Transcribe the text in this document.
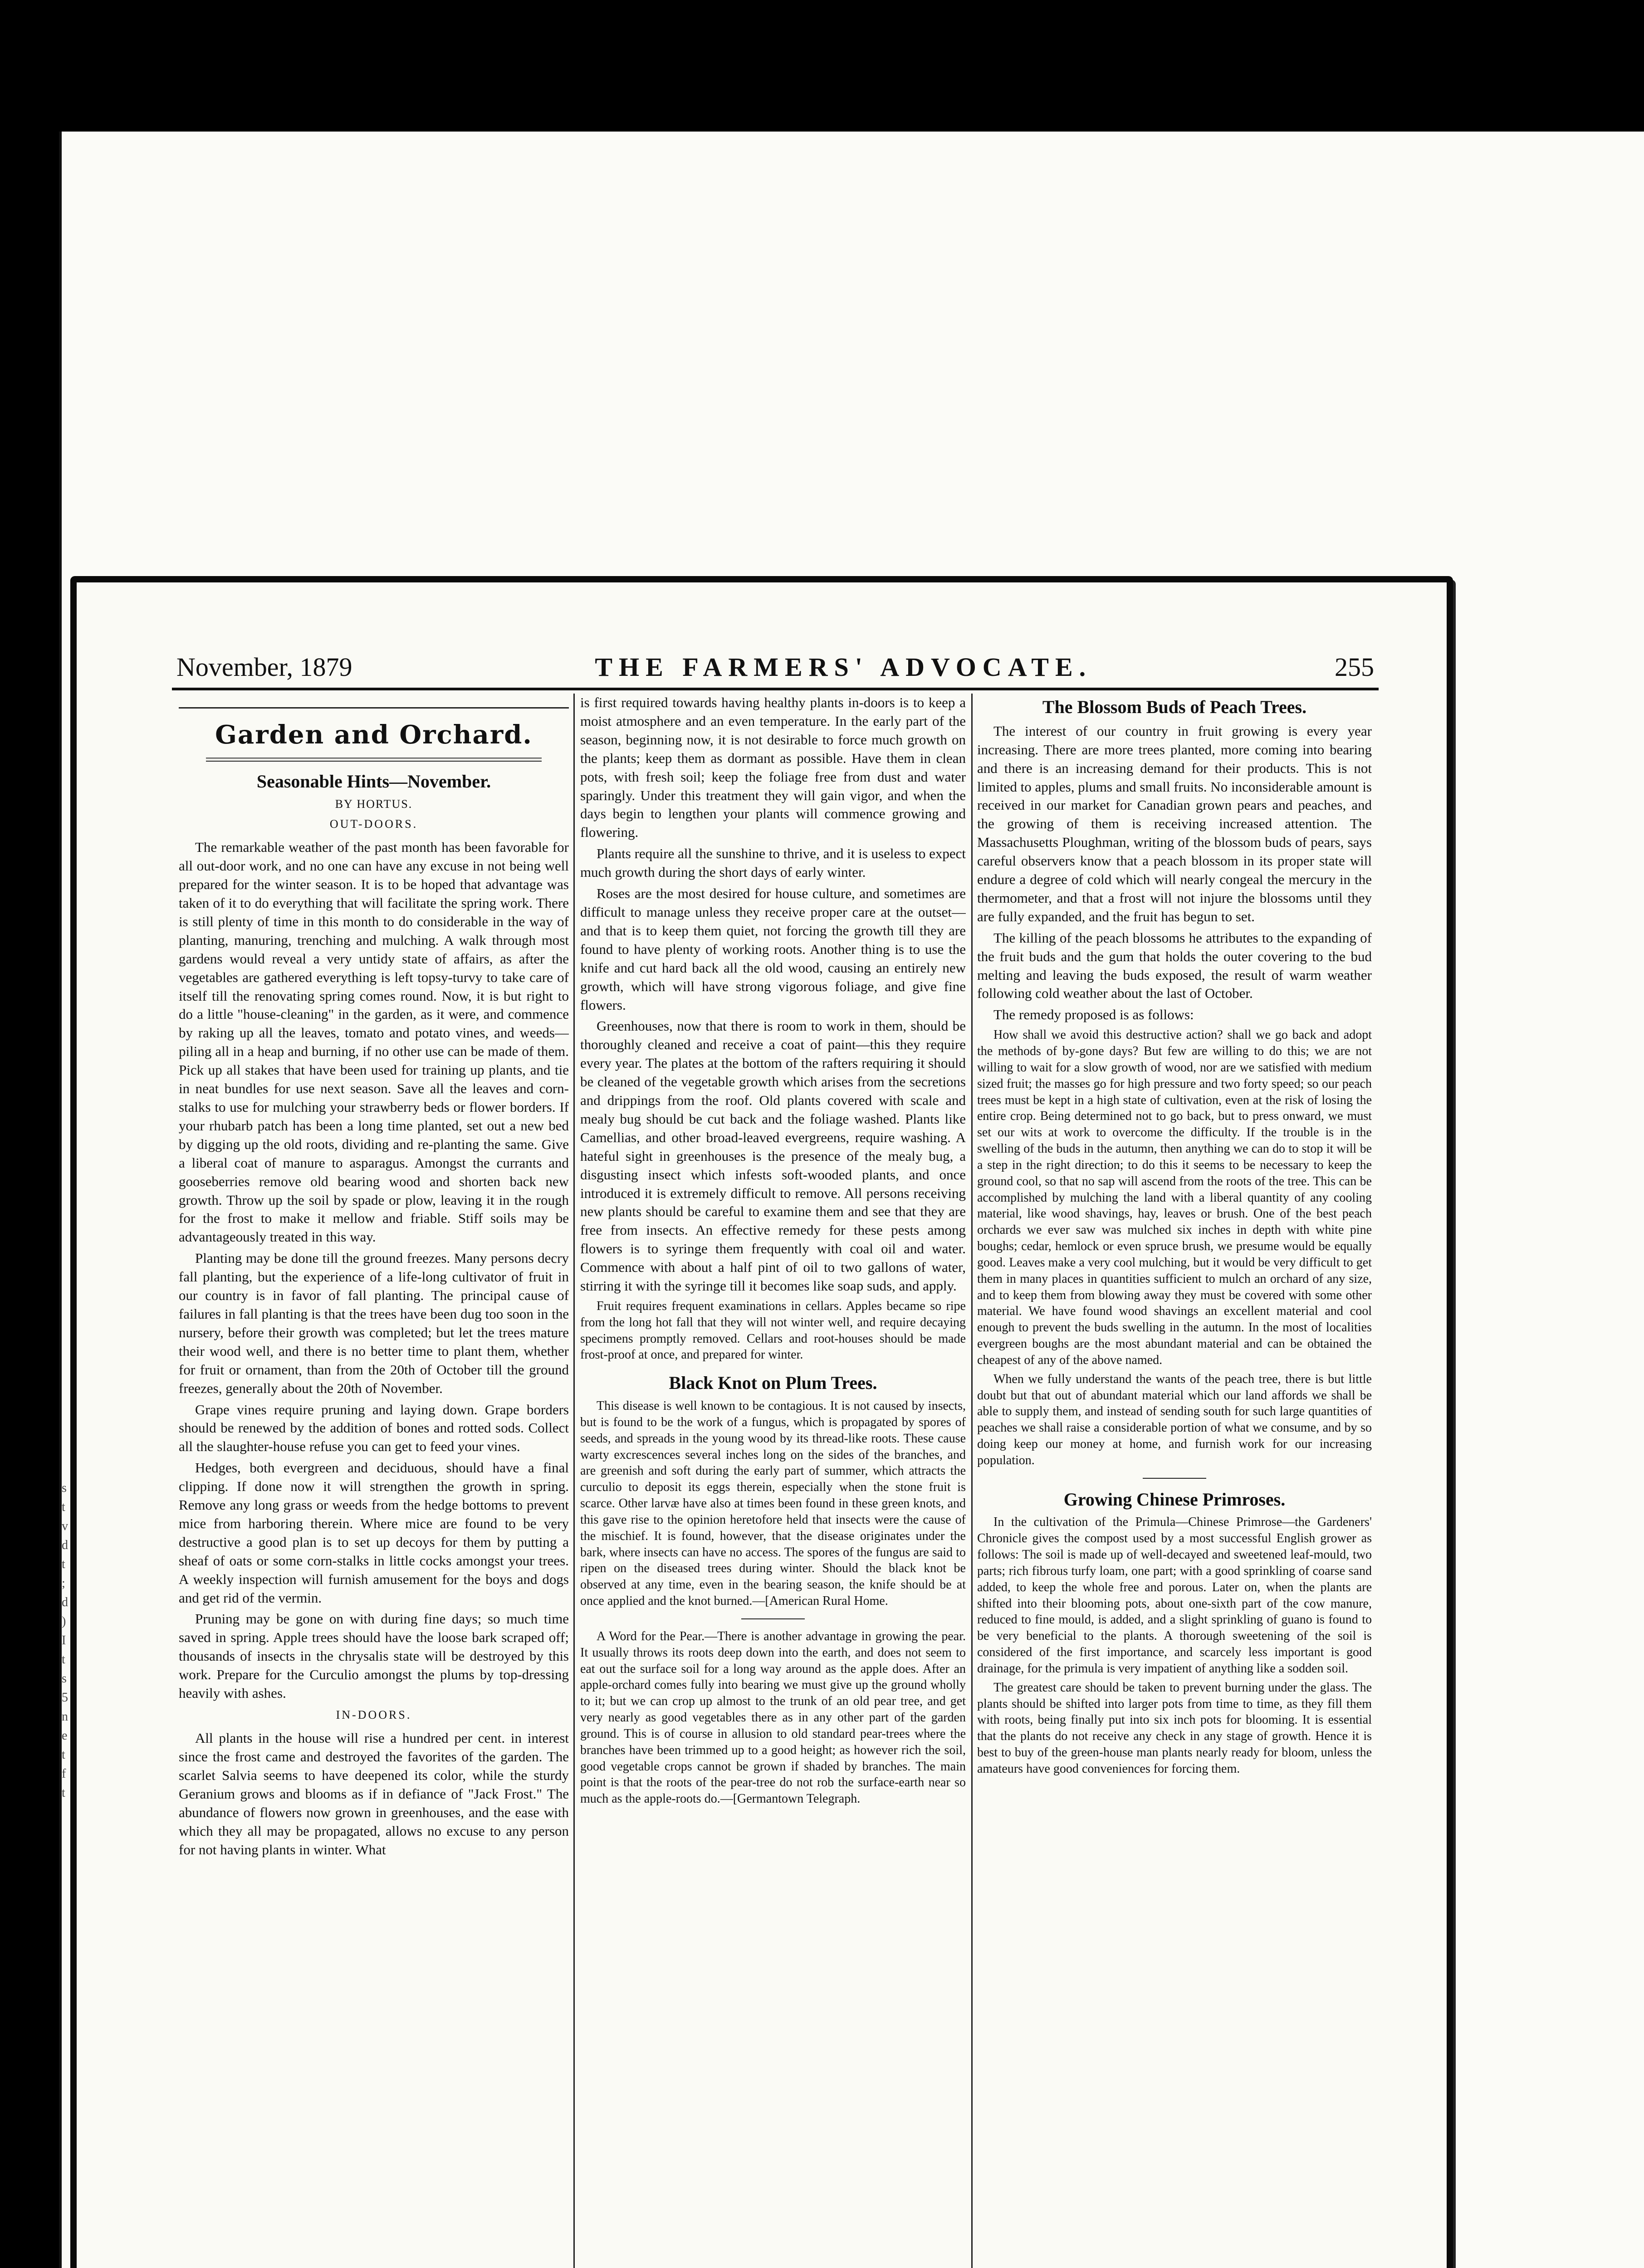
s
t
v
d
t
;
d
)
I
t
s
5
n
e
t
f
t
November, 1879	THE FARMERS' ADVOCATE.	255
Garden and Orchard.
Seasonable Hints—November.
BY HORTUS.
OUT-DOORS.

The remarkable weather of the past month has been favorable for all out-door work, and no one can have any excuse in not being well prepared for the winter season. It is to be hoped that advantage was taken of it to do everything that will facilitate the spring work. There is still plenty of time in this month to do considerable in the way of planting, manuring, trenching and mulching. A walk through most gardens would reveal a very untidy state of affairs, as after the vegetables are gathered everything is left topsy-turvy to take care of itself till the renovating spring comes round. Now, it is but right to do a little "house-cleaning" in the garden, as it were, and commence by raking up all the leaves, tomato and potato vines, and weeds—piling all in a heap and burning, if no other use can be made of them. Pick up all stakes that have been used for training up plants, and tie in neat bundles for use next season. Save all the leaves and corn-stalks to use for mulching your strawberry beds or flower borders. If your rhubarb patch has been a long time planted, set out a new bed by digging up the old roots, dividing and re-planting the same. Give a liberal coat of manure to asparagus. Amongst the currants and gooseberries remove old bearing wood and shorten back new growth. Throw up the soil by spade or plow, leaving it in the rough for the frost to make it mellow and friable. Stiff soils may be advantageously treated in this way.

Planting may be done till the ground freezes. Many persons decry fall planting, but the experience of a life-long cultivator of fruit in our country is in favor of fall planting. The principal cause of failures in fall planting is that the trees have been dug too soon in the nursery, before their growth was completed; but let the trees mature their wood well, and there is no better time to plant them, whether for fruit or ornament, than from the 20th of October till the ground freezes, generally about the 20th of November.

Grape vines require pruning and laying down. Grape borders should be renewed by the addition of bones and rotted sods. Collect all the slaughter-house refuse you can get to feed your vines.

Hedges, both evergreen and deciduous, should have a final clipping. If done now it will strengthen the growth in spring. Remove any long grass or weeds from the hedge bottoms to prevent mice from harboring therein. Where mice are found to be very destructive a good plan is to set up decoys for them by putting a sheaf of oats or some corn-stalks in little cocks amongst your trees. A weekly inspection will furnish amusement for the boys and dogs and get rid of the vermin.

Pruning may be gone on with during fine days; so much time saved in spring. Apple trees should have the loose bark scraped off; thousands of insects in the chrysalis state will be destroyed by this work. Prepare for the Curculio amongst the plums by top-dressing heavily with ashes.

IN-DOORS.

All plants in the house will rise a hundred per cent. in interest since the frost came and destroyed the favorites of the garden. The scarlet Salvia seems to have deepened its color, while the sturdy Geranium grows and blooms as if in defiance of "Jack Frost." The abundance of flowers now grown in greenhouses, and the ease with which they all may be propagated, allows no excuse to any person for not having plants in winter. What

is first required towards having healthy plants in-doors is to keep a moist atmosphere and an even temperature. In the early part of the season, beginning now, it is not desirable to force much growth on the plants; keep them as dormant as possible. Have them in clean pots, with fresh soil; keep the foliage free from dust and water sparingly. Under this treatment they will gain vigor, and when the days begin to lengthen your plants will commence growing and flowering.

Plants require all the sunshine to thrive, and it is useless to expect much growth during the short days of early winter.

Roses are the most desired for house culture, and sometimes are difficult to manage unless they receive proper care at the outset—and that is to keep them quiet, not forcing the growth till they are found to have plenty of working roots. Another thing is to use the knife and cut hard back all the old wood, causing an entirely new growth, which will have strong vigorous foliage, and give fine flowers.

Greenhouses, now that there is room to work in them, should be thoroughly cleaned and receive a coat of paint—this they require every year. The plates at the bottom of the rafters requiring it should be cleaned of the vegetable growth which arises from the secretions and drippings from the roof. Old plants covered with scale and mealy bug should be cut back and the foliage washed. Plants like Camellias, and other broad-leaved evergreens, require washing. A hateful sight in greenhouses is the presence of the mealy bug, a disgusting insect which infests soft-wooded plants, and once introduced it is extremely difficult to remove. All persons receiving new plants should be careful to examine them and see that they are free from insects. An effective remedy for these pests among flowers is to syringe them frequently with coal oil and water. Commence with about a half pint of oil to two gallons of water, stirring it with the syringe till it becomes like soap suds, and apply.

Fruit requires frequent examinations in cellars. Apples became so ripe from the long hot fall that they will not winter well, and require decaying specimens promptly removed. Cellars and root-houses should be made frost-proof at once, and prepared for winter.

Black Knot on Plum Trees.

This disease is well known to be contagious. It is not caused by insects, but is found to be the work of a fungus, which is propagated by spores of seeds, and spreads in the young wood by its thread-like roots. These cause warty excrescences several inches long on the sides of the branches, and are greenish and soft during the early part of summer, which attracts the curculio to deposit its eggs therein, especially when the stone fruit is scarce. Other larvæ have also at times been found in these green knots, and this gave rise to the opinion heretofore held that insects were the cause of the mischief. It is found, however, that the disease originates under the bark, where insects can have no access. The spores of the fungus are said to ripen on the diseased trees during winter. Should the black knot be observed at any time, even in the bearing season, the knife should be at once applied and the knot burned.—[American Rural Home.

A Word for the Pear.—There is another advantage in growing the pear. It usually throws its roots deep down into the earth, and does not seem to eat out the surface soil for a long way around as the apple does. After an apple-orchard comes fully into bearing we must give up the ground wholly to it; but we can crop up almost to the trunk of an old pear tree, and get very nearly as good vegetables there as in any other part of the garden ground. This is of course in allusion to old standard pear-trees where the branches have been trimmed up to a good height; as however rich the soil, good vegetable crops cannot be grown if shaded by branches. The main point is that the roots of the pear-tree do not rob the surface-earth near so much as the apple-roots do.—[Germantown Telegraph.

The Blossom Buds of Peach Trees.

The interest of our country in fruit growing is every year increasing. There are more trees planted, more coming into bearing and there is an increasing demand for their products. This is not limited to apples, plums and small fruits. No inconsiderable amount is received in our market for Canadian grown pears and peaches, and the growing of them is receiving increased attention. The Massachusetts Ploughman, writing of the blossom buds of pears, says careful observers know that a peach blossom in its proper state will endure a degree of cold which will nearly congeal the mercury in the thermometer, and that a frost will not injure the blossoms until they are fully expanded, and the fruit has begun to set.

The killing of the peach blossoms he attributes to the expanding of the fruit buds and the gum that holds the outer covering to the bud melting and leaving the buds exposed, the result of warm weather following cold weather about the last of October.

The remedy proposed is as follows:

How shall we avoid this destructive action? shall we go back and adopt the methods of by-gone days? But few are willing to do this; we are not willing to wait for a slow growth of wood, nor are we satisfied with medium sized fruit; the masses go for high pressure and two forty speed; so our peach trees must be kept in a high state of cultivation, even at the risk of losing the entire crop. Being determined not to go back, but to press onward, we must set our wits at work to overcome the difficulty. If the trouble is in the swelling of the buds in the autumn, then anything we can do to stop it will be a step in the right direction; to do this it seems to be necessary to keep the ground cool, so that no sap will ascend from the roots of the tree. This can be accomplished by mulching the land with a liberal quantity of any cooling material, like wood shavings, hay, leaves or brush. One of the best peach orchards we ever saw was mulched six inches in depth with white pine boughs; cedar, hemlock or even spruce brush, we presume would be equally good. Leaves make a very cool mulching, but it would be very difficult to get them in many places in quantities sufficient to mulch an orchard of any size, and to keep them from blowing away they must be covered with some other material. We have found wood shavings an excellent material and cool enough to prevent the buds swelling in the autumn. In the most of localities evergreen boughs are the most abundant material and can be obtained the cheapest of any of the above named.

When we fully understand the wants of the peach tree, there is but little doubt but that out of abundant material which our land affords we shall be able to supply them, and instead of sending south for such large quantities of peaches we shall raise a considerable portion of what we consume, and by so doing keep our money at home, and furnish work for our increasing population.

Growing Chinese Primroses.

In the cultivation of the Primula—Chinese Primrose—the Gardeners' Chronicle gives the compost used by a most successful English grower as follows: The soil is made up of well-decayed and sweetened leaf-mould, two parts; rich fibrous turfy loam, one part; with a good sprinkling of coarse sand added, to keep the whole free and porous. Later on, when the plants are shifted into their blooming pots, about one-sixth part of the cow manure, reduced to fine mould, is added, and a slight sprinkling of guano is found to be very beneficial to the plants. A thorough sweetening of the soil is considered of the first importance, and scarcely less important is good drainage, for the primula is very impatient of anything like a sodden soil.

The greatest care should be taken to prevent burning under the glass. The plants should be shifted into larger pots from time to time, as they fill them with roots, being finally put into six inch pots for blooming. It is essential that the plants do not receive any check in any stage of growth. Hence it is best to buy of the green-house man plants nearly ready for bloom, unless the amateurs have good conveniences for forcing them.
